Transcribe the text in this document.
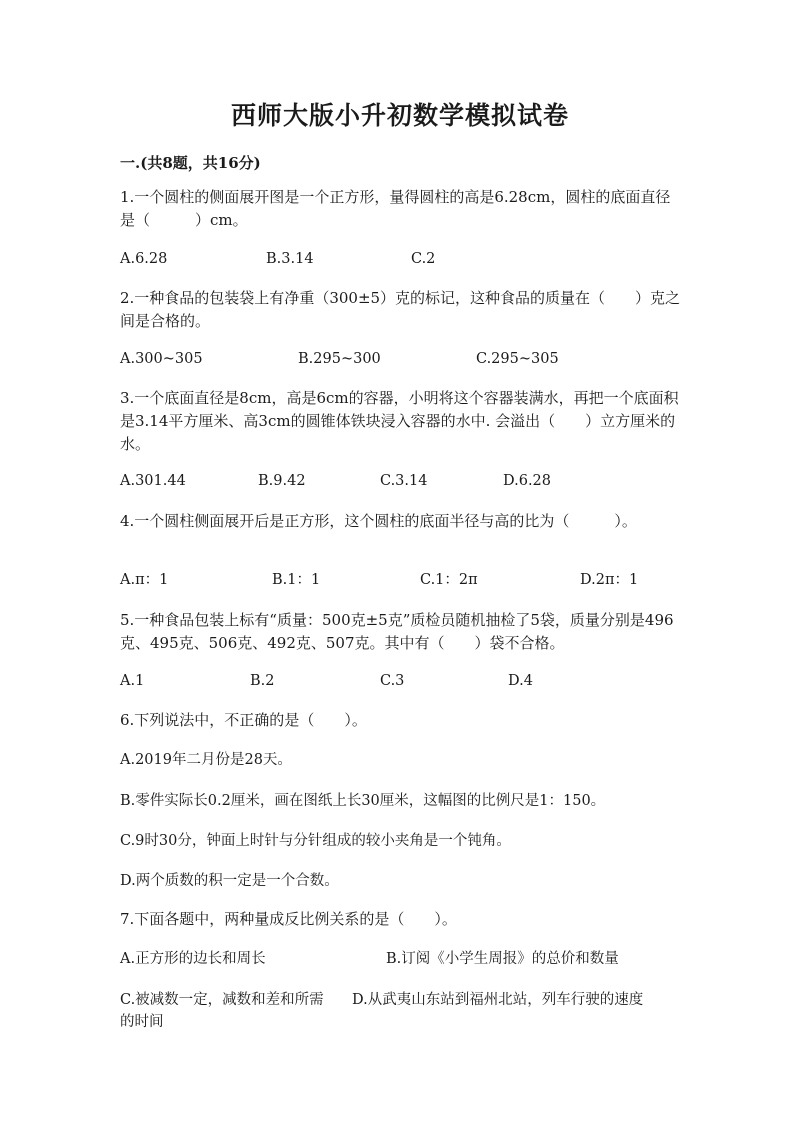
西师大版小升初数学模拟试卷
一.(共8题，共16分)
1.一个圆柱的侧面展开图是一个正方形，量得圆柱的高是6.28cm，圆柱的底面直径是（　　　）cm。
A.6.28	B.3.14	C.2
2.一种食品的包装袋上有净重（300±5）克的标记，这种食品的质量在（　　）克之间是合格的。
A.300~305	B.295~300	C.295~305
3.一个底面直径是8cm，高是6cm的容器，小明将这个容器装满水，再把一个底面积是3.14平方厘米、高3cm的圆锥体铁块浸入容器的水中. 会溢出（　　）立方厘米的水。
A.301.44	B.9.42	C.3.14	D.6.28
4.一个圆柱侧面展开后是正方形，这个圆柱的底面半径与高的比为（　　　）。
A.π：1	B.1：1	C.1：2π	D.2π：1
5.一种食品包装上标有“质量：500克±5克”质检员随机抽检了5袋，质量分别是496克、495克、506克、492克、507克。其中有（　　）袋不合格。
A.1	B.2	C.3	D.4
6.下列说法中，不正确的是（　　）。
A.2019年二月份是28天。
B.零件实际长0.2厘米，画在图纸上长30厘米，这幅图的比例尺是1：150。
C.9时30分，钟面上时针与分针组成的较小夹角是一个钝角。
D.两个质数的积一定是一个合数。
7.下面各题中，两种量成反比例关系的是（　　）。
A.正方形的边长和周长	B.订阅《小学生周报》的总价和数量
C.被减数一定，减数和差和所需的时间
D.从武夷山东站到福州北站，列车行驶的速度
